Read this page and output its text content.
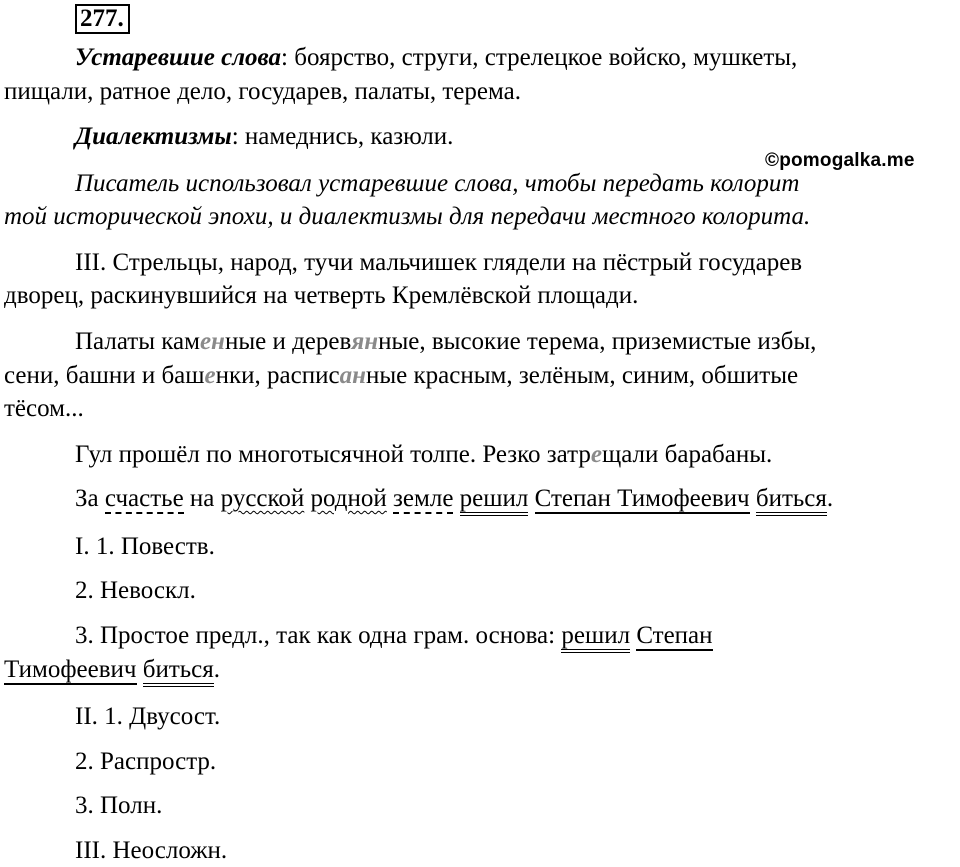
277.

Устаревшие слова: боярство, струги, стрелецкое войско, мушкеты,

пищали, ратное дело, государев, палаты, терема.

Диалектизмы: намеднись, казюли.

©pomogalka.me

Писатель использовал устаревшие слова, чтобы передать колорит

той исторической эпохи, и диалектизмы для передачи местного колорита.

III. Стрельцы, народ, тучи мальчишек глядели на пёстрый государев

дворец, раскинувшийся на четверть Кремлёвской площади.

Палаты каменные и деревянные, высокие терема, приземистые избы,

сени, башни и башенки, расписанные красным, зелёным, синим, обшитые

тёсом...

Гул прошёл по многотысячной толпе. Резко затрещали барабаны.

За счастье на русской родной земле решил Степан Тимофеевич биться.

I. 1. Повеств.

2. Невоскл.

3. Простое предл., так как одна грам. основа: решил Степан

Тимофеевич биться.

II. 1. Двусост.

2. Распростр.

3. Полн.

III. Неосложн.
